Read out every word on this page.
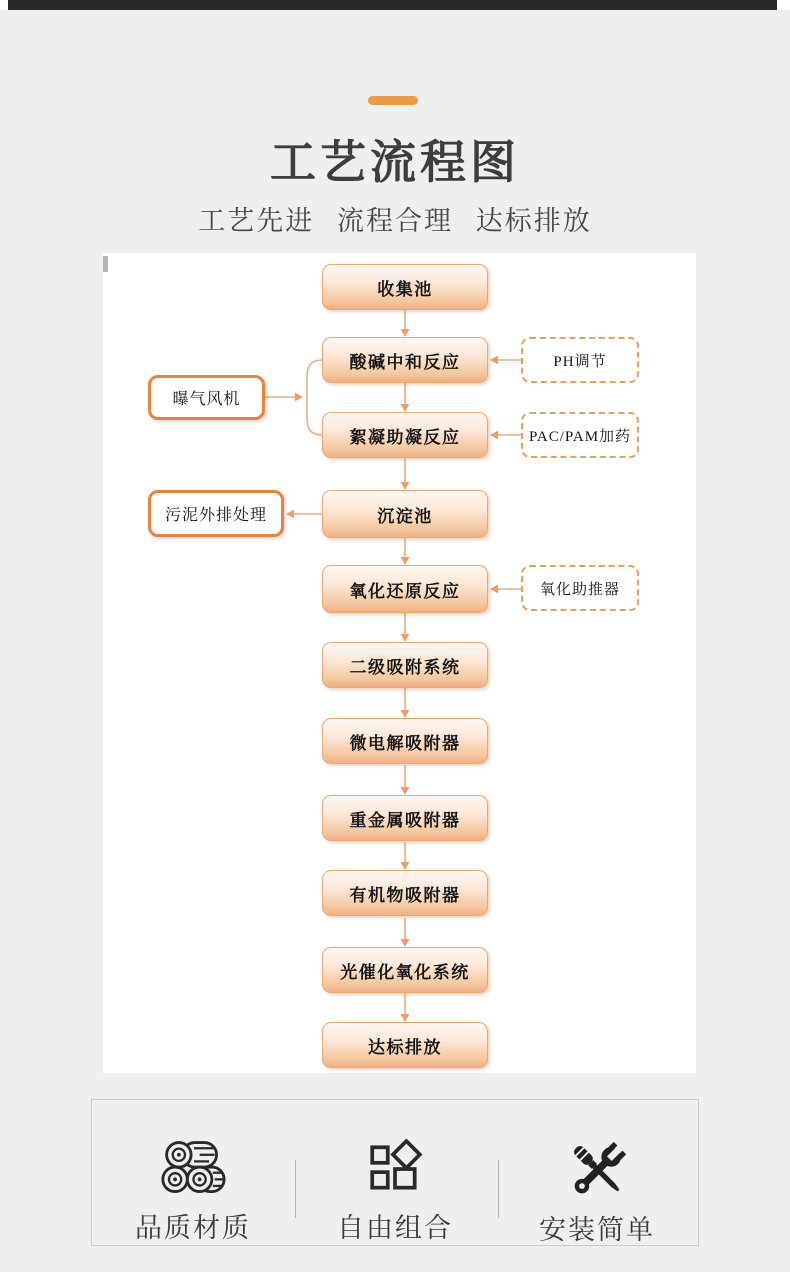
工艺流程图
工艺先进 流程合理 达标排放
收集池
酸碱中和反应
絮凝助凝反应
沉淀池
氧化还原反应
二级吸附系统
微电解吸附器
重金属吸附器
有机物吸附器
光催化氧化系统
达标排放
PH调节
PAC/PAM加药
氧化助推器
曝气风机
污泥外排处理
品质材质	自由组合	安装简单
